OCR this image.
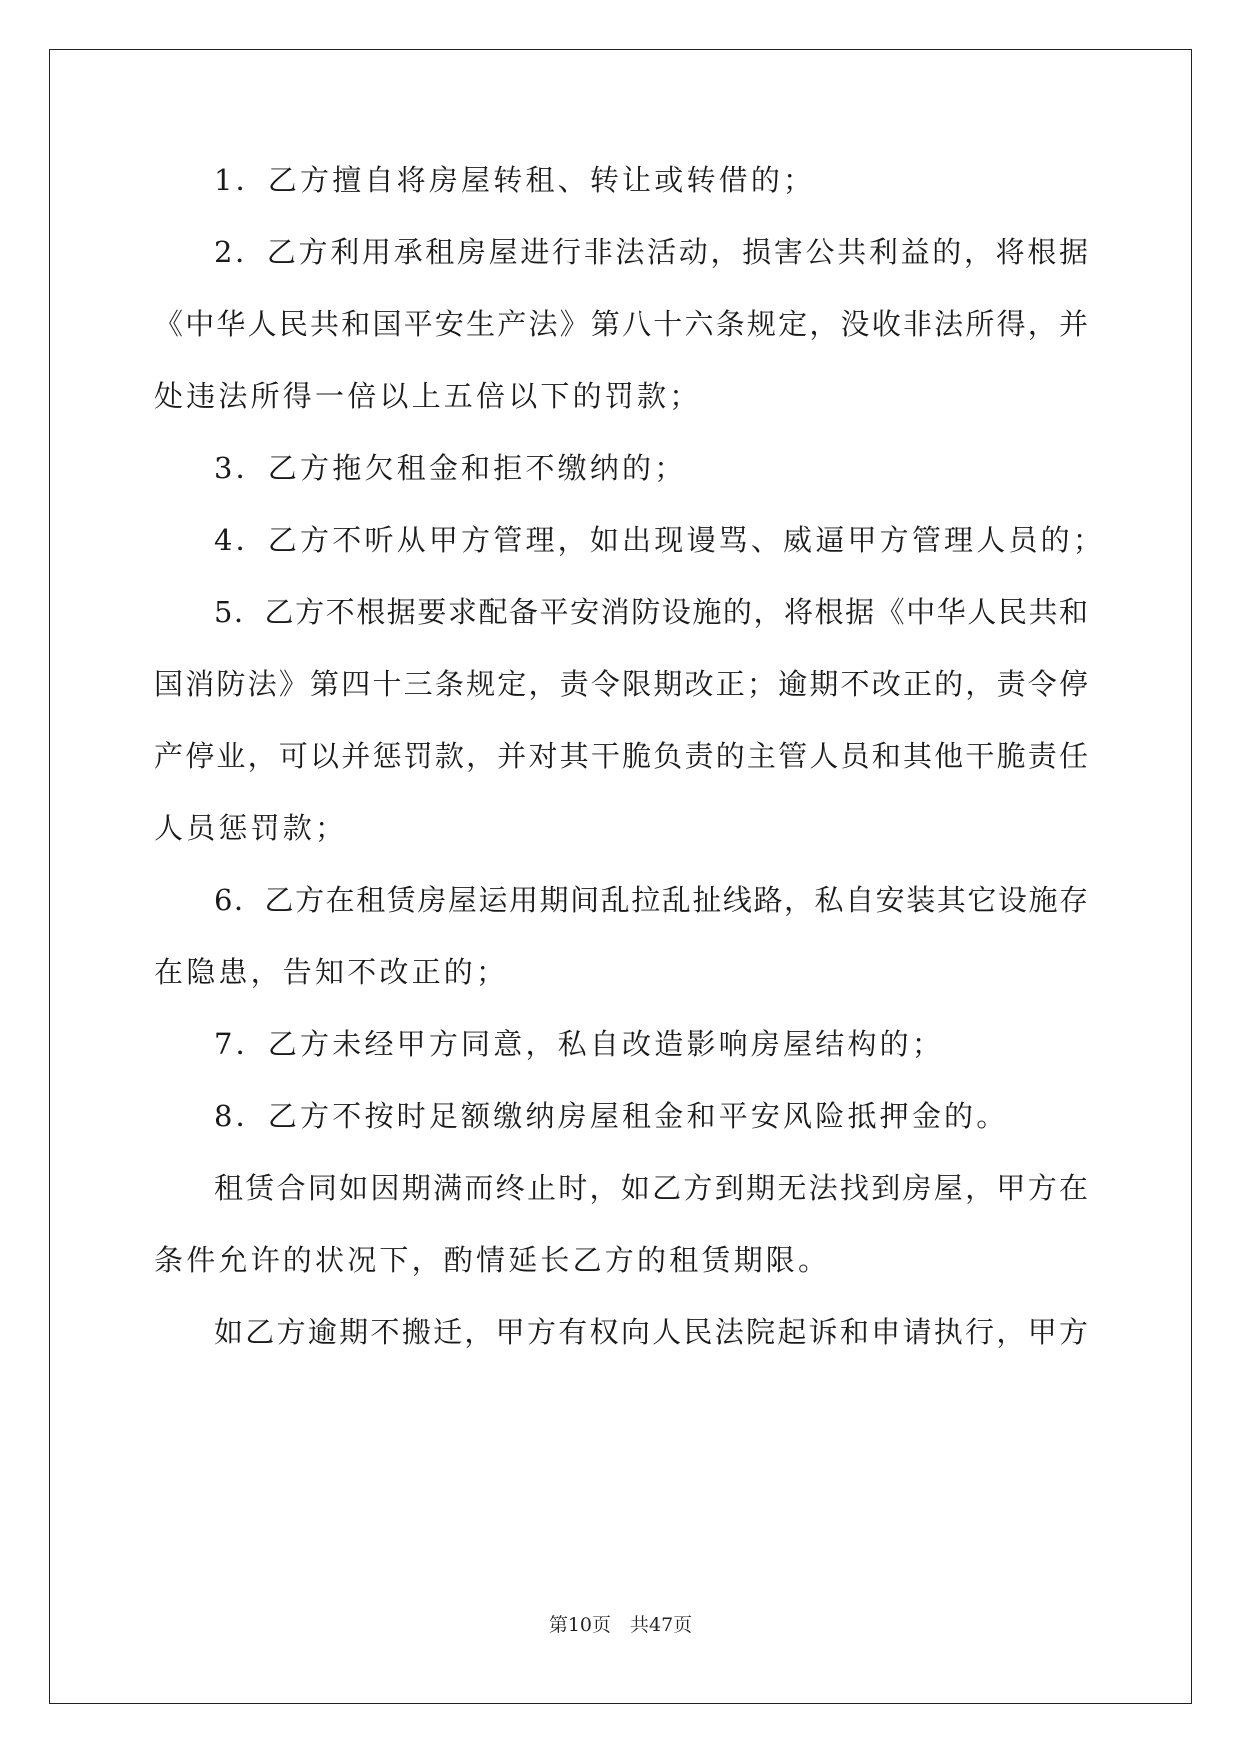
1．乙方擅自将房屋转租、转让或转借的；
2．乙方利用承租房屋进行非法活动，损害公共利益的，将根据
《中华人民共和国平安生产法》第八十六条规定，没收非法所得，并
处违法所得一倍以上五倍以下的罚款；
3．乙方拖欠租金和拒不缴纳的；
4．乙方不听从甲方管理，如出现谩骂、威逼甲方管理人员的；
5．乙方不根据要求配备平安消防设施的，将根据《中华人民共和
国消防法》第四十三条规定，责令限期改正；逾期不改正的，责令停
产停业，可以并惩罚款，并对其干脆负责的主管人员和其他干脆责任
人员惩罚款；
6．乙方在租赁房屋运用期间乱拉乱扯线路，私自安装其它设施存
在隐患，告知不改正的；
7．乙方未经甲方同意，私自改造影响房屋结构的；
8．乙方不按时足额缴纳房屋租金和平安风险抵押金的。
租赁合同如因期满而终止时，如乙方到期无法找到房屋，甲方在
条件允许的状况下，酌情延长乙方的租赁期限。
如乙方逾期不搬迁，甲方有权向人民法院起诉和申请执行，甲方
第10页　共47页
